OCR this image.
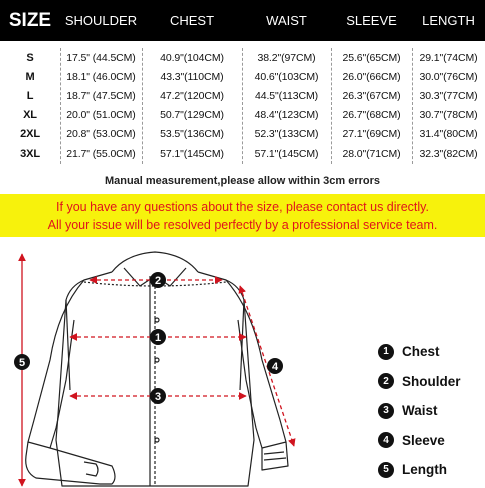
SIZE	SHOULDER	CHEST	WAIST	SLEEVE	LENGTH
S	17.5" (44.5CM)	40.9"(104CM)	38.2"(97CM)	25.6"(65CM)	29.1"(74CM)
M	18.1" (46.0CM)	43.3"(110CM)	40.6"(103CM)	26.0"(66CM)	30.0"(76CM)
L	18.7" (47.5CM)	47.2"(120CM)	44.5"(113CM)	26.3"(67CM)	30.3"(77CM)
XL	20.0" (51.0CM)	50.7"(129CM)	48.4"(123CM)	26.7"(68CM)	30.7"(78CM)
2XL	20.8" (53.0CM)	53.5"(136CM)	52.3"(133CM)	27.1"(69CM)	31.4"(80CM)
3XL	21.7" (55.0CM)	57.1"(145CM)	57.1"(145CM)	28.0"(71CM)	32.3"(82CM)
Manual measurement,please allow within 3cm errors
If you have any questions about the size, please contact us directly.
All your issue will be resolved perfectly by a professional service team.
1
2
3
4
5
1 Chest
2 Shoulder
3 Waist
4 Sleeve
5 Length
